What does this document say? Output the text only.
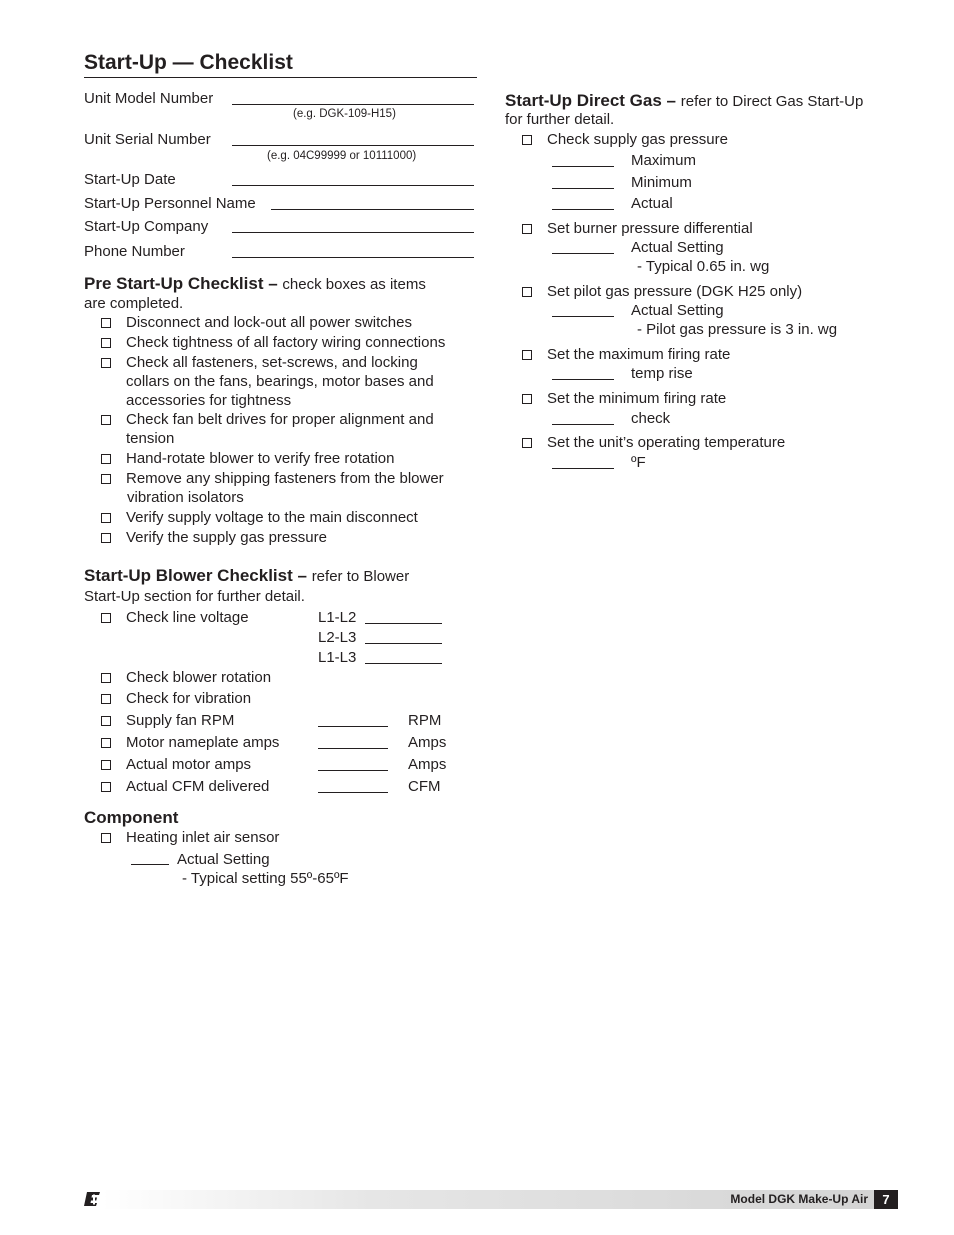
Start-Up — Checklist
Unit Model Number
(e.g. DGK-109-H15)
Unit Serial Number
(e.g. 04C99999 or 10111000)
Start-Up Date
Start-Up Personnel Name
Start-Up Company
Phone Number
Pre Start-Up Checklist – check boxes as items
are completed.
Disconnect and lock-out all power switches
Check tightness of all factory wiring connections
Check all fasteners, set-screws, and locking
collars on the fans, bearings, motor bases and
accessories for tightness
Check fan belt drives for proper alignment and
tension
Hand-rotate blower to verify free rotation
Remove any shipping fasteners from the blower
vibration isolators
Verify supply voltage to the main disconnect
Verify the supply gas pressure
Start-Up Blower Checklist – refer to Blower
Start-Up section for further detail.
Check line voltage	L1-L2
L2-L3
L1-L3
Check blower rotation
Check for vibration
Supply fan RPM	RPM
Motor nameplate amps	Amps
Actual motor amps	Amps
Actual CFM delivered	CFM
Component
Heating inlet air sensor
Actual Setting
- Typical setting 55º-65ºF
Start-Up Direct Gas – refer to Direct Gas Start-Up
for further detail.
Check supply gas pressure
Maximum
Minimum
Actual
Set burner pressure differential
Actual Setting
- Typical 0.65 in. wg
Set pilot gas pressure (DGK H25 only)
Actual Setting
- Pilot gas pressure is 3 in. wg
Set the maximum firing rate
temp rise
Set the minimum firing rate
check
Set the unit’s operating temperature
ºF
Model DGK Make-Up Air	7
